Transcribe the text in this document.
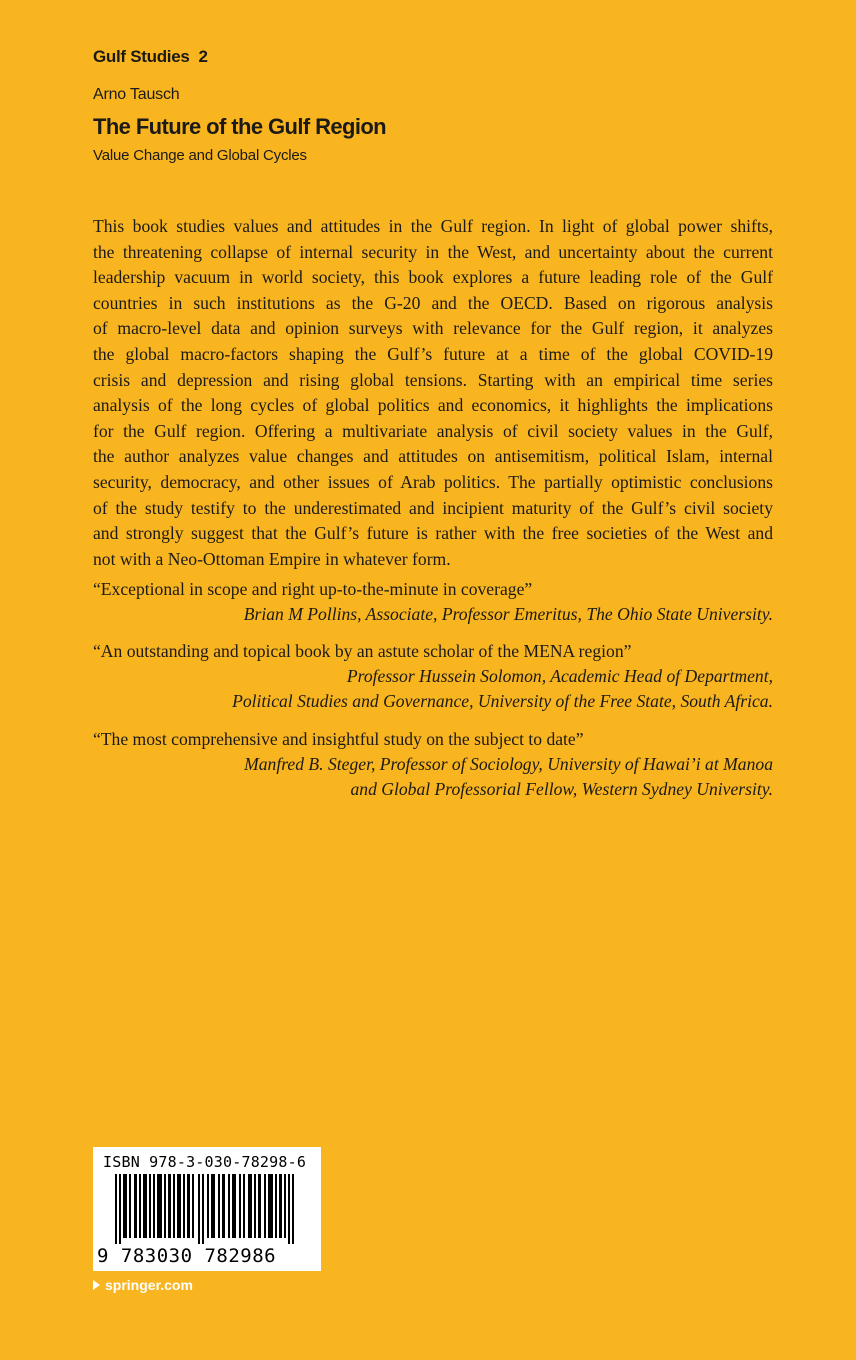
Gulf Studies 2
Arno Tausch
The Future of the Gulf Region
Value Change and Global Cycles
This book studies values and attitudes in the Gulf region. In light of global power shifts,
the threatening collapse of internal security in the West, and uncertainty about the current
leadership vacuum in world society, this book explores a future leading role of the Gulf
countries in such institutions as the G-20 and the OECD. Based on rigorous analysis
of macro-level data and opinion surveys with relevance for the Gulf region, it analyzes
the global macro-factors shaping the Gulf’s future at a time of the global COVID-19
crisis and depression and rising global tensions. Starting with an empirical time series
analysis of the long cycles of global politics and economics, it highlights the implications
for the Gulf region. Offering a multivariate analysis of civil society values in the Gulf,
the author analyzes value changes and attitudes on antisemitism, political Islam, internal
security, democracy, and other issues of Arab politics. The partially optimistic conclusions
of the study testify to the underestimated and incipient maturity of the Gulf’s civil society
and strongly suggest that the Gulf’s future is rather with the free societies of the West and
not with a Neo-Ottoman Empire in whatever form.
“Exceptional in scope and right up-to-the-minute in coverage”
Brian M Pollins, Associate, Professor Emeritus, The Ohio State University.
“An outstanding and topical book by an astute scholar of the MENA region”
Professor Hussein Solomon, Academic Head of Department,
Political Studies and Governance, University of the Free State, South Africa.
“The most comprehensive and insightful study on the subject to date”
Manfred B. Steger, Professor of Sociology, University of Hawai’i at Manoa
and Global Professorial Fellow, Western Sydney University.
ISBN 978-3-030-78298-6
9 783030 782986
springer.com
